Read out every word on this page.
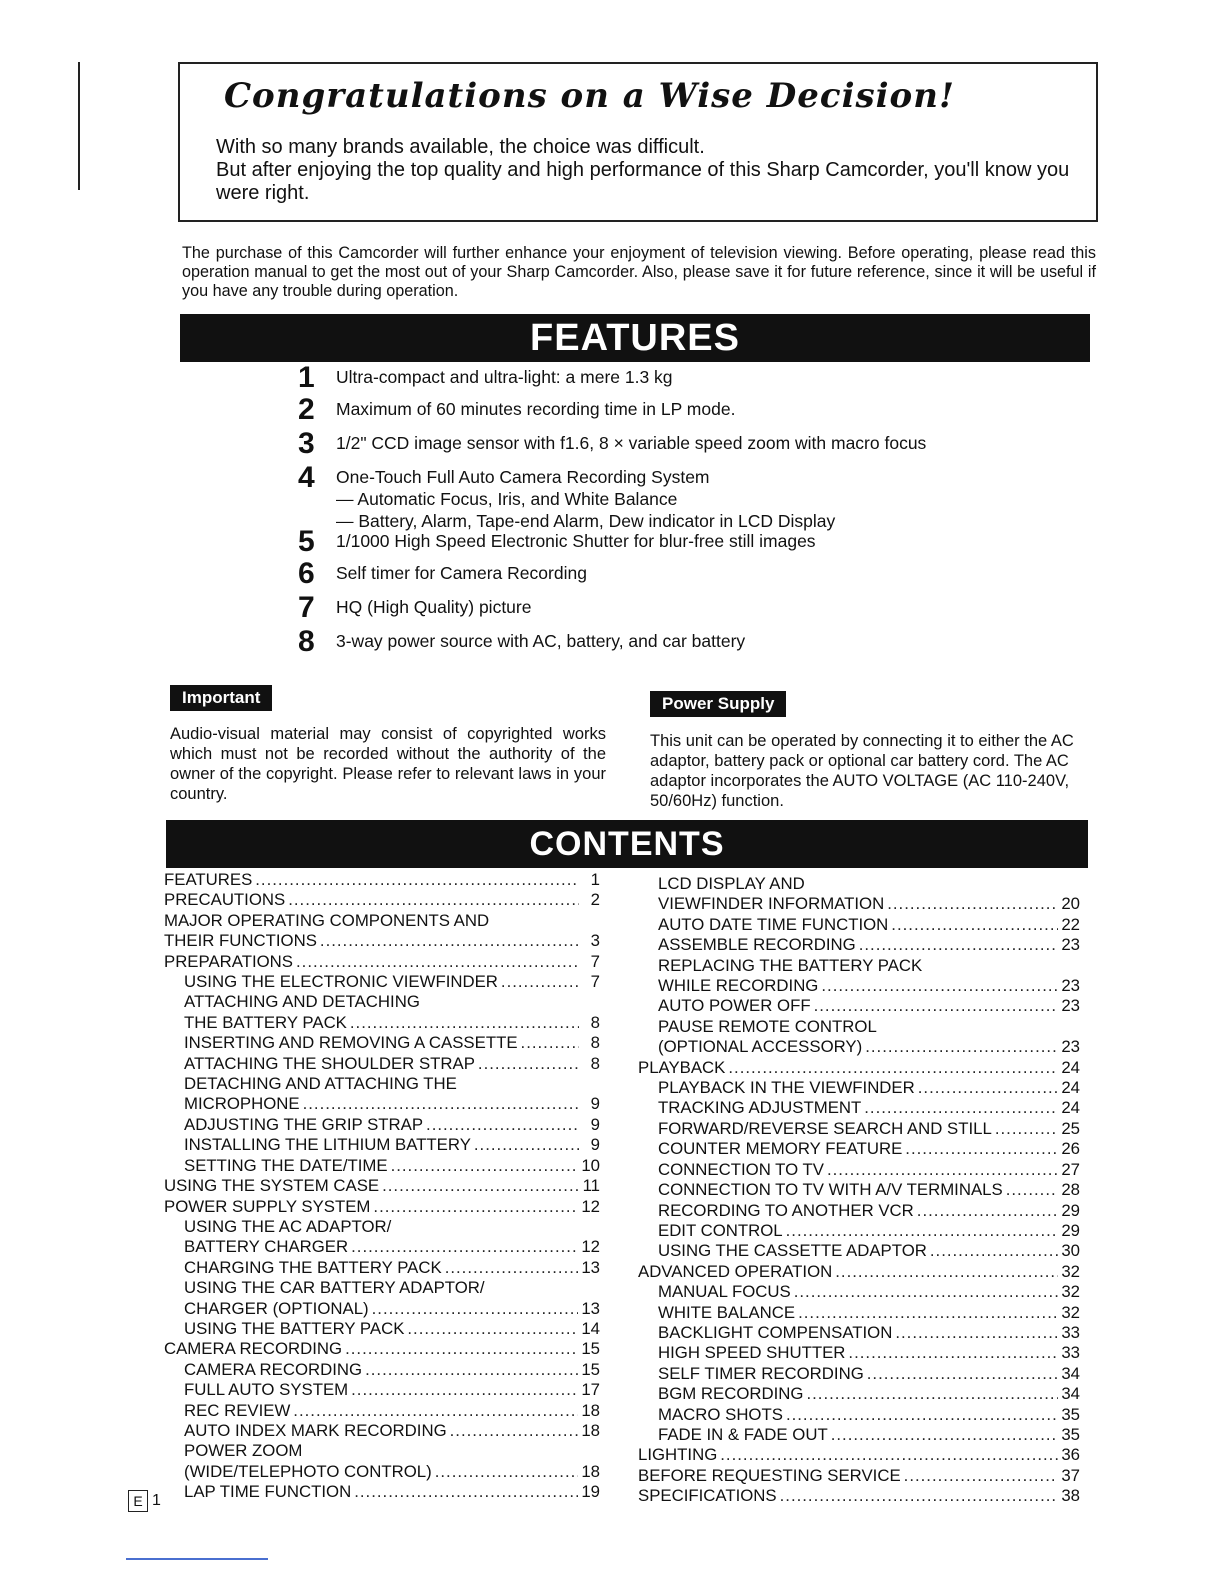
Congratulations on a Wise Decision!

With so many brands available, the choice was difficult.

But after enjoying the top quality and high performance of this Sharp Camcorder, you'll know you were right.

The purchase of this Camcorder will further enhance your enjoyment of television viewing. Before operating, please read this operation manual to get the most out of your Sharp Camcorder. Also, please save it for future reference, since it will be useful if you have any trouble during operation.

FEATURES
1	Ultra-compact and ultra-light: a mere 1.3 kg
2	Maximum of 60 minutes recording time in LP mode.
3	1/2" CCD image sensor with f1.6, 8 × variable speed zoom with macro focus
4	One-Touch Full Auto Camera Recording System
— Automatic Focus, Iris, and White Balance
— Battery, Alarm, Tape-end Alarm, Dew indicator in LCD Display
5	1/1000 High Speed Electronic Shutter for blur-free still images
6	Self timer for Camera Recording
7	HQ (High Quality) picture
8	3-way power source with AC, battery, and car battery
Important

Audio-visual material may consist of copyrighted works which must not be recorded without the authority of the owner of the copyright. Please refer to relevant laws in your country.

Power Supply

This unit can be operated by connecting it to either the AC adaptor, battery pack or optional car battery cord. The AC adaptor incorporates the AUTO VOLTAGE (AC 110-240V, 50/60Hz) function.

CONTENTS
FEATURES .....	1
PRECAUTIONS .....	2
MAJOR OPERATING COMPONENTS AND
THEIR FUNCTIONS .....	3
PREPARATIONS .....	7
USING THE ELECTRONIC VIEWFINDER .....	7
ATTACHING AND DETACHING
THE BATTERY PACK .....	8
INSERTING AND REMOVING A CASSETTE .....	8
ATTACHING THE SHOULDER STRAP .....	8
DETACHING AND ATTACHING THE
MICROPHONE .....	9
ADJUSTING THE GRIP STRAP .....	9
INSTALLING THE LITHIUM BATTERY .....	9
SETTING THE DATE/TIME .....	10
USING THE SYSTEM CASE .....	11
POWER SUPPLY SYSTEM .....	12
USING THE AC ADAPTOR/
BATTERY CHARGER .....	12
CHARGING THE BATTERY PACK .....	13
USING THE CAR BATTERY ADAPTOR/
CHARGER (OPTIONAL) .....	13
USING THE BATTERY PACK .....	14
CAMERA RECORDING .....	15
CAMERA RECORDING .....	15
FULL AUTO SYSTEM .....	17
REC REVIEW .....	18
AUTO INDEX MARK RECORDING .....	18
POWER ZOOM
(WIDE/TELEPHOTO CONTROL) .....	18
LAP TIME FUNCTION .....	19
LCD DISPLAY AND
VIEWFINDER INFORMATION .....	20
AUTO DATE TIME FUNCTION .....	22
ASSEMBLE RECORDING .....	23
REPLACING THE BATTERY PACK
WHILE RECORDING .....	23
AUTO POWER OFF .....	23
PAUSE REMOTE CONTROL
(OPTIONAL ACCESSORY) .....	23
PLAYBACK .....	24
PLAYBACK IN THE VIEWFINDER .....	24
TRACKING ADJUSTMENT .....	24
FORWARD/REVERSE SEARCH AND STILL .....	25
COUNTER MEMORY FEATURE .....	26
CONNECTION TO TV .....	27
CONNECTION TO TV WITH A/V TERMINALS .....	28
RECORDING TO ANOTHER VCR .....	29
EDIT CONTROL .....	29
USING THE CASSETTE ADAPTOR .....	30
ADVANCED OPERATION .....	32
MANUAL FOCUS .....	32
WHITE BALANCE .....	32
BACKLIGHT COMPENSATION .....	33
HIGH SPEED SHUTTER .....	33
SELF TIMER RECORDING .....	34
BGM RECORDING .....	34
MACRO SHOTS .....	35
FADE IN & FADE OUT .....	35
LIGHTING .....	36
BEFORE REQUESTING SERVICE .....	37
SPECIFICATIONS .....	38
E 1
